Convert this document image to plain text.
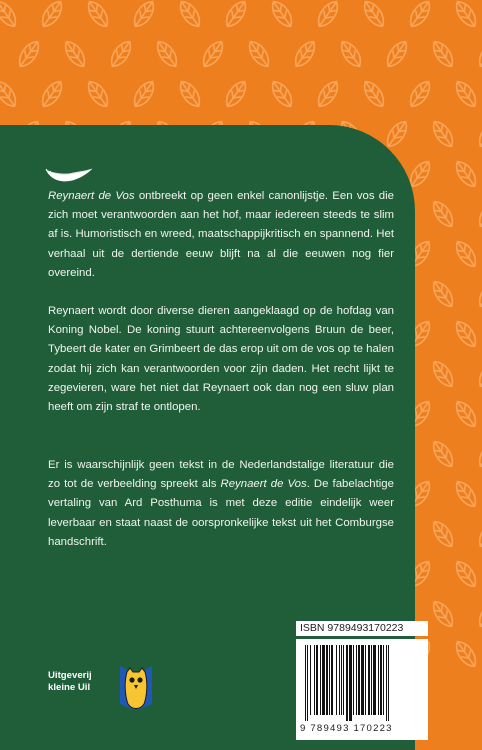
Reynaert de Vos ontbreekt op geen enkel canonlijstje. Een vos die zich moet verantwoorden aan het hof, maar iedereen steeds te slim af is. Humoristisch en wreed, maatschappijkritisch en spannend. Het verhaal uit de dertiende eeuw blijft na al die eeuwen nog fier overeind.

Reynaert wordt door diverse dieren aangeklaagd op de hofdag van Koning Nobel. De koning stuurt achtereenvolgens Bruun de beer, Tybeert de kater en Grimbeert de das erop uit om de vos op te halen zodat hij zich kan verantwoorden voor zijn daden. Het recht lijkt te zegevieren, ware het niet dat Reynaert ook dan nog een sluw plan heeft om zijn straf te ontlopen.

Er is waarschijnlijk geen tekst in de Nederlandstalige literatuur die zo tot de verbeelding spreekt als Reynaert de Vos. De fabelachtige vertaling van Ard Posthuma is met deze editie eindelijk weer leverbaar en staat naast de oorspronkelijke tekst uit het Comburgse handschrift.

Uitgeverij
kleine Uil
ISBN 9789493170223
9 789493 170223
